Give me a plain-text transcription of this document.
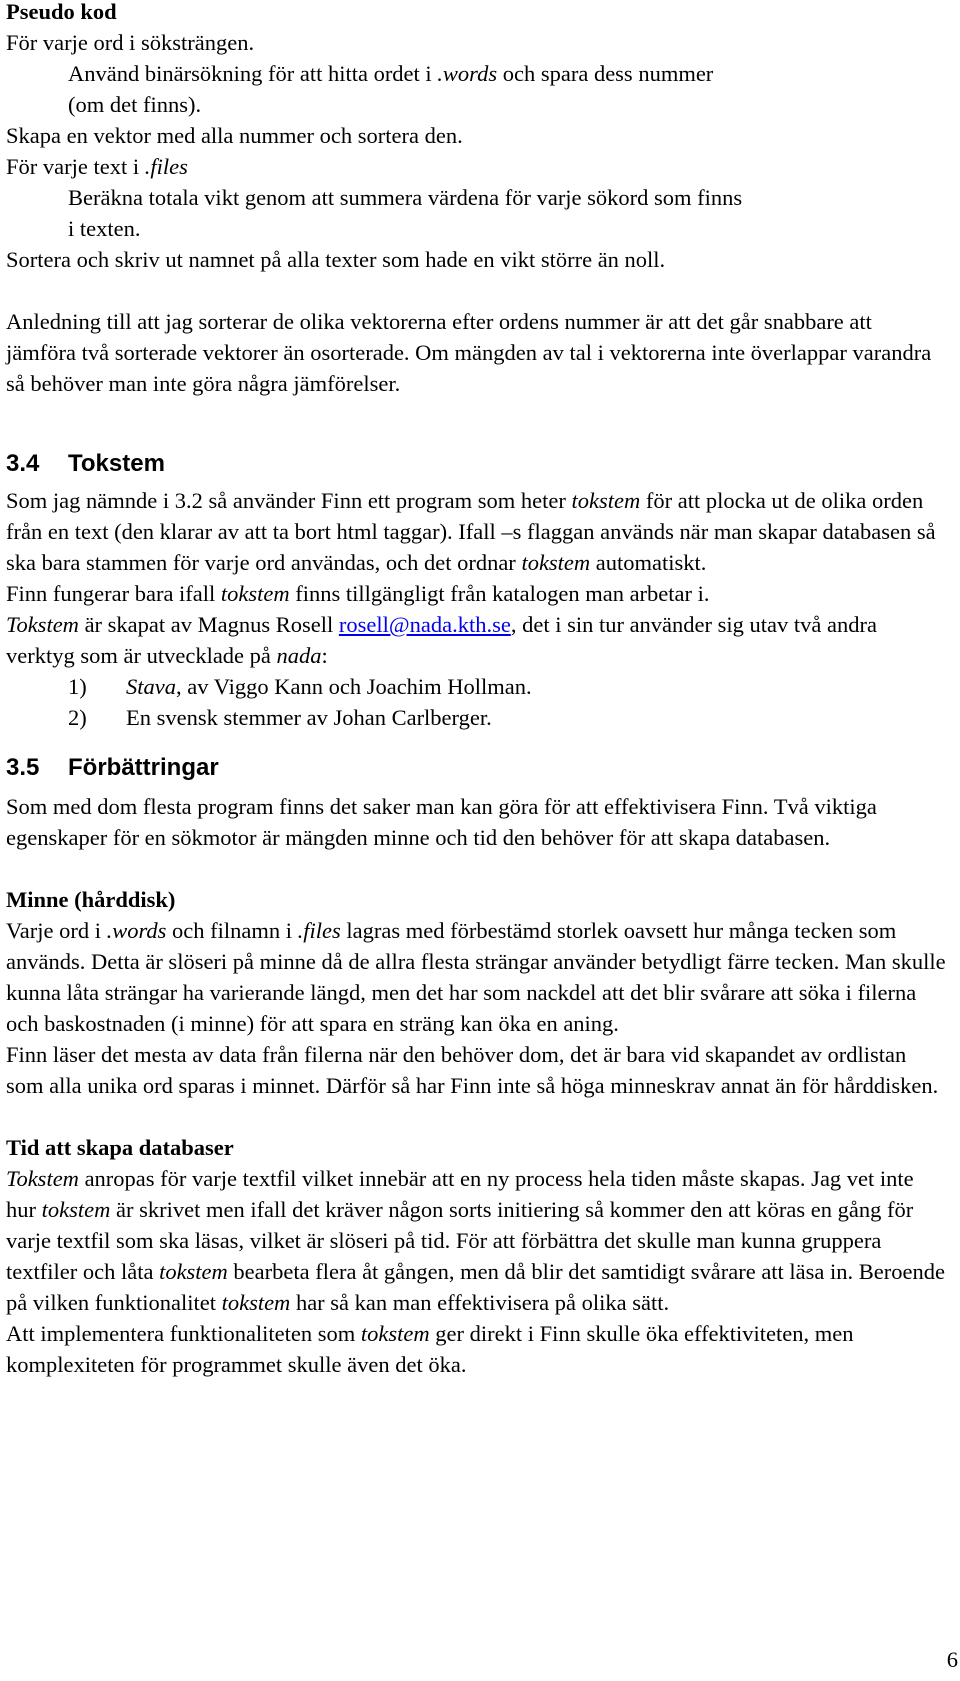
Pseudo kod

För varje ord i söksträngen.

Använd binärsökning för att hitta ordet i .words och spara dess nummer

(om det finns).

Skapa en vektor med alla nummer och sortera den.

För varje text i .files

Beräkna totala vikt genom att summera värdena för varje sökord som finns

i texten.

Sortera och skriv ut namnet på alla texter som hade en vikt större än noll.

Anledning till att jag sorterar de olika vektorerna efter ordens nummer är att det går snabbare att jämföra två sorterade vektorer än osorterade. Om mängden av tal i vektorerna inte överlappar varandra så behöver man inte göra några jämförelser.

3.4 Tokstem

Som jag nämnde i 3.2 så använder Finn ett program som heter tokstem för att plocka ut de olika orden från en text (den klarar av att ta bort html taggar). Ifall –s flaggan används när man skapar databasen så ska bara stammen för varje ord användas, och det ordnar tokstem automatiskt.

Finn fungerar bara ifall tokstem finns tillgängligt från katalogen man arbetar i.

Tokstem är skapat av Magnus Rosell rosell@nada.kth.se, det i sin tur använder sig utav två andra verktyg som är utvecklade på nada:

1)	Stava, av Viggo Kann och Joachim Hollman.
2)	En svensk stemmer av Johan Carlberger.
3.5 Förbättringar

Som med dom flesta program finns det saker man kan göra för att effektivisera Finn. Två viktiga egenskaper för en sökmotor är mängden minne och tid den behöver för att skapa databasen.

Minne (hårddisk)

Varje ord i .words och filnamn i .files lagras med förbestämd storlek oavsett hur många tecken som används. Detta är slöseri på minne då de allra flesta strängar använder betydligt färre tecken. Man skulle kunna låta strängar ha varierande längd, men det har som nackdel att det blir svårare att söka i filerna och baskostnaden (i minne) för att spara en sträng kan öka en aning.

Finn läser det mesta av data från filerna när den behöver dom, det är bara vid skapandet av ordlistan som alla unika ord sparas i minnet. Därför så har Finn inte så höga minneskrav annat än för hårddisken.

Tid att skapa databaser

Tokstem anropas för varje textfil vilket innebär att en ny process hela tiden måste skapas. Jag vet inte hur tokstem är skrivet men ifall det kräver någon sorts initiering så kommer den att köras en gång för varje textfil som ska läsas, vilket är slöseri på tid. För att förbättra det skulle man kunna gruppera textfiler och låta tokstem bearbeta flera åt gången, men då blir det samtidigt svårare att läsa in. Beroende på vilken funktionalitet tokstem har så kan man effektivisera på olika sätt.

Att implementera funktionaliteten som tokstem ger direkt i Finn skulle öka effektiviteten, men komplexiteten för programmet skulle även det öka.

6
